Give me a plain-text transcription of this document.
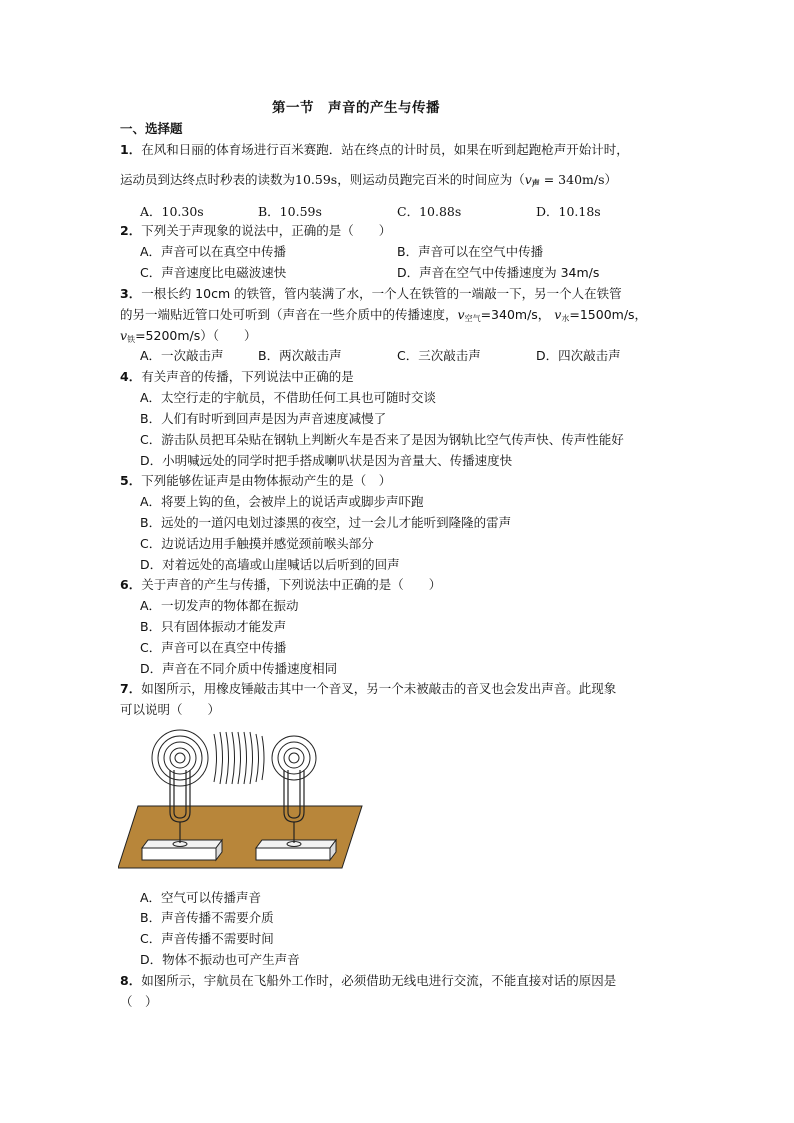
第一节　声音的产生与传播
一、选择题
1．在风和日丽的体育场进行百米赛跑．站在终点的计时员，如果在听到起跑枪声开始计时，
运动员到达终点时秒表的读数为10.59s，则运动员跑完百米的时间应为$(v_声 = 340m/s)$
A．10.30s	B．10.59s	C．10.88s	D．10.18s
2．下列关于声现象的说法中，正确的是（　　）
A．声音可以在真空中传播	B．声音可以在空气中传播
C．声音速度比电磁波速快	D．声音在空气中传播速度为 34m/s
3．一根长约 10cm 的铁管，管内装满了水，一个人在铁管的一端敲一下，另一个人在铁管
的另一端贴近管口处可听到（声音在一些介质中的传播速度，$v_{空气}=340m/s$， $v_水=1500m/s$，
$v_铁=5200m/s$）（　　）
A．一次敲击声	B．两次敲击声	C．三次敲击声	D．四次敲击声
4．有关声音的传播，下列说法中正确的是
A．太空行走的宇航员，不借助任何工具也可随时交谈
B．人们有时听到回声是因为声音速度减慢了
C．游击队员把耳朵贴在钢轨上判断火车是否来了是因为钢轨比空气传声快、传声性能好
D．小明喊远处的同学时把手搭成喇叭状是因为音量大、传播速度快
5．下列能够佐证声是由物体振动产生的是（　）
A．将要上钩的鱼，会被岸上的说话声或脚步声吓跑
B．远处的一道闪电划过漆黑的夜空，过一会儿才能听到隆隆的雷声
C．边说话边用手触摸并感觉颈前喉头部分
D．对着远处的高墙或山崖喊话以后听到的回声
6．关于声音的产生与传播，下列说法中正确的是（　　）
A．一切发声的物体都在振动
B．只有固体振动才能发声
C．声音可以在真空中传播
D．声音在不同介质中传播速度相同
7．如图所示，用橡皮锤敲击其中一个音叉，另一个未被敲击的音叉也会发出声音。此现象
可以说明（　　）
A．空气可以传播声音
B．声音传播不需要介质
C．声音传播不需要时间
D．物体不振动也可产生声音
8．如图所示，宇航员在飞船外工作时，必须借助无线电进行交流，不能直接对话的原因是
（　）
